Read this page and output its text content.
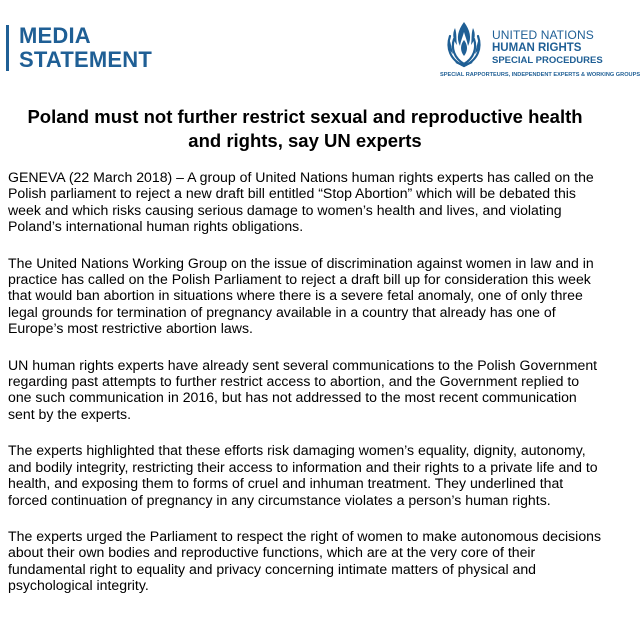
MEDIA
STATEMENT
UNITED NATIONS
HUMAN RIGHTS
SPECIAL PROCEDURES
SPECIAL RAPPORTEURS, INDEPENDENT EXPERTS & WORKING GROUPS
Poland must not further restrict sexual and reproductive health and rights, say UN experts

GENEVA (22 March 2018) – A group of United Nations human rights experts has called on the Polish parliament to reject a new draft bill entitled “Stop Abortion” which will be debated this week and which risks causing serious damage to women’s health and lives, and violating Poland’s international human rights obligations.

The United Nations Working Group on the issue of discrimination against women in law and in practice has called on the Polish Parliament to reject a draft bill up for consideration this week that would ban abortion in situations where there is a severe fetal anomaly, one of only three legal grounds for termination of pregnancy available in a country that already has one of Europe’s most restrictive abortion laws.

UN human rights experts have already sent several communications to the Polish Government regarding past attempts to further restrict access to abortion, and the Government replied to one such communication in 2016, but has not addressed to the most recent communication sent by the experts.

The experts highlighted that these efforts risk damaging women’s equality, dignity, autonomy, and bodily integrity, restricting their access to information and their rights to a private life and to health, and exposing them to forms of cruel and inhuman treatment. They underlined that forced continuation of pregnancy in any circumstance violates a person’s human rights.

The experts urged the Parliament to respect the right of women to make autonomous decisions about their own bodies and reproductive functions, which are at the very core of their fundamental right to equality and privacy concerning intimate matters of physical and psychological integrity.
